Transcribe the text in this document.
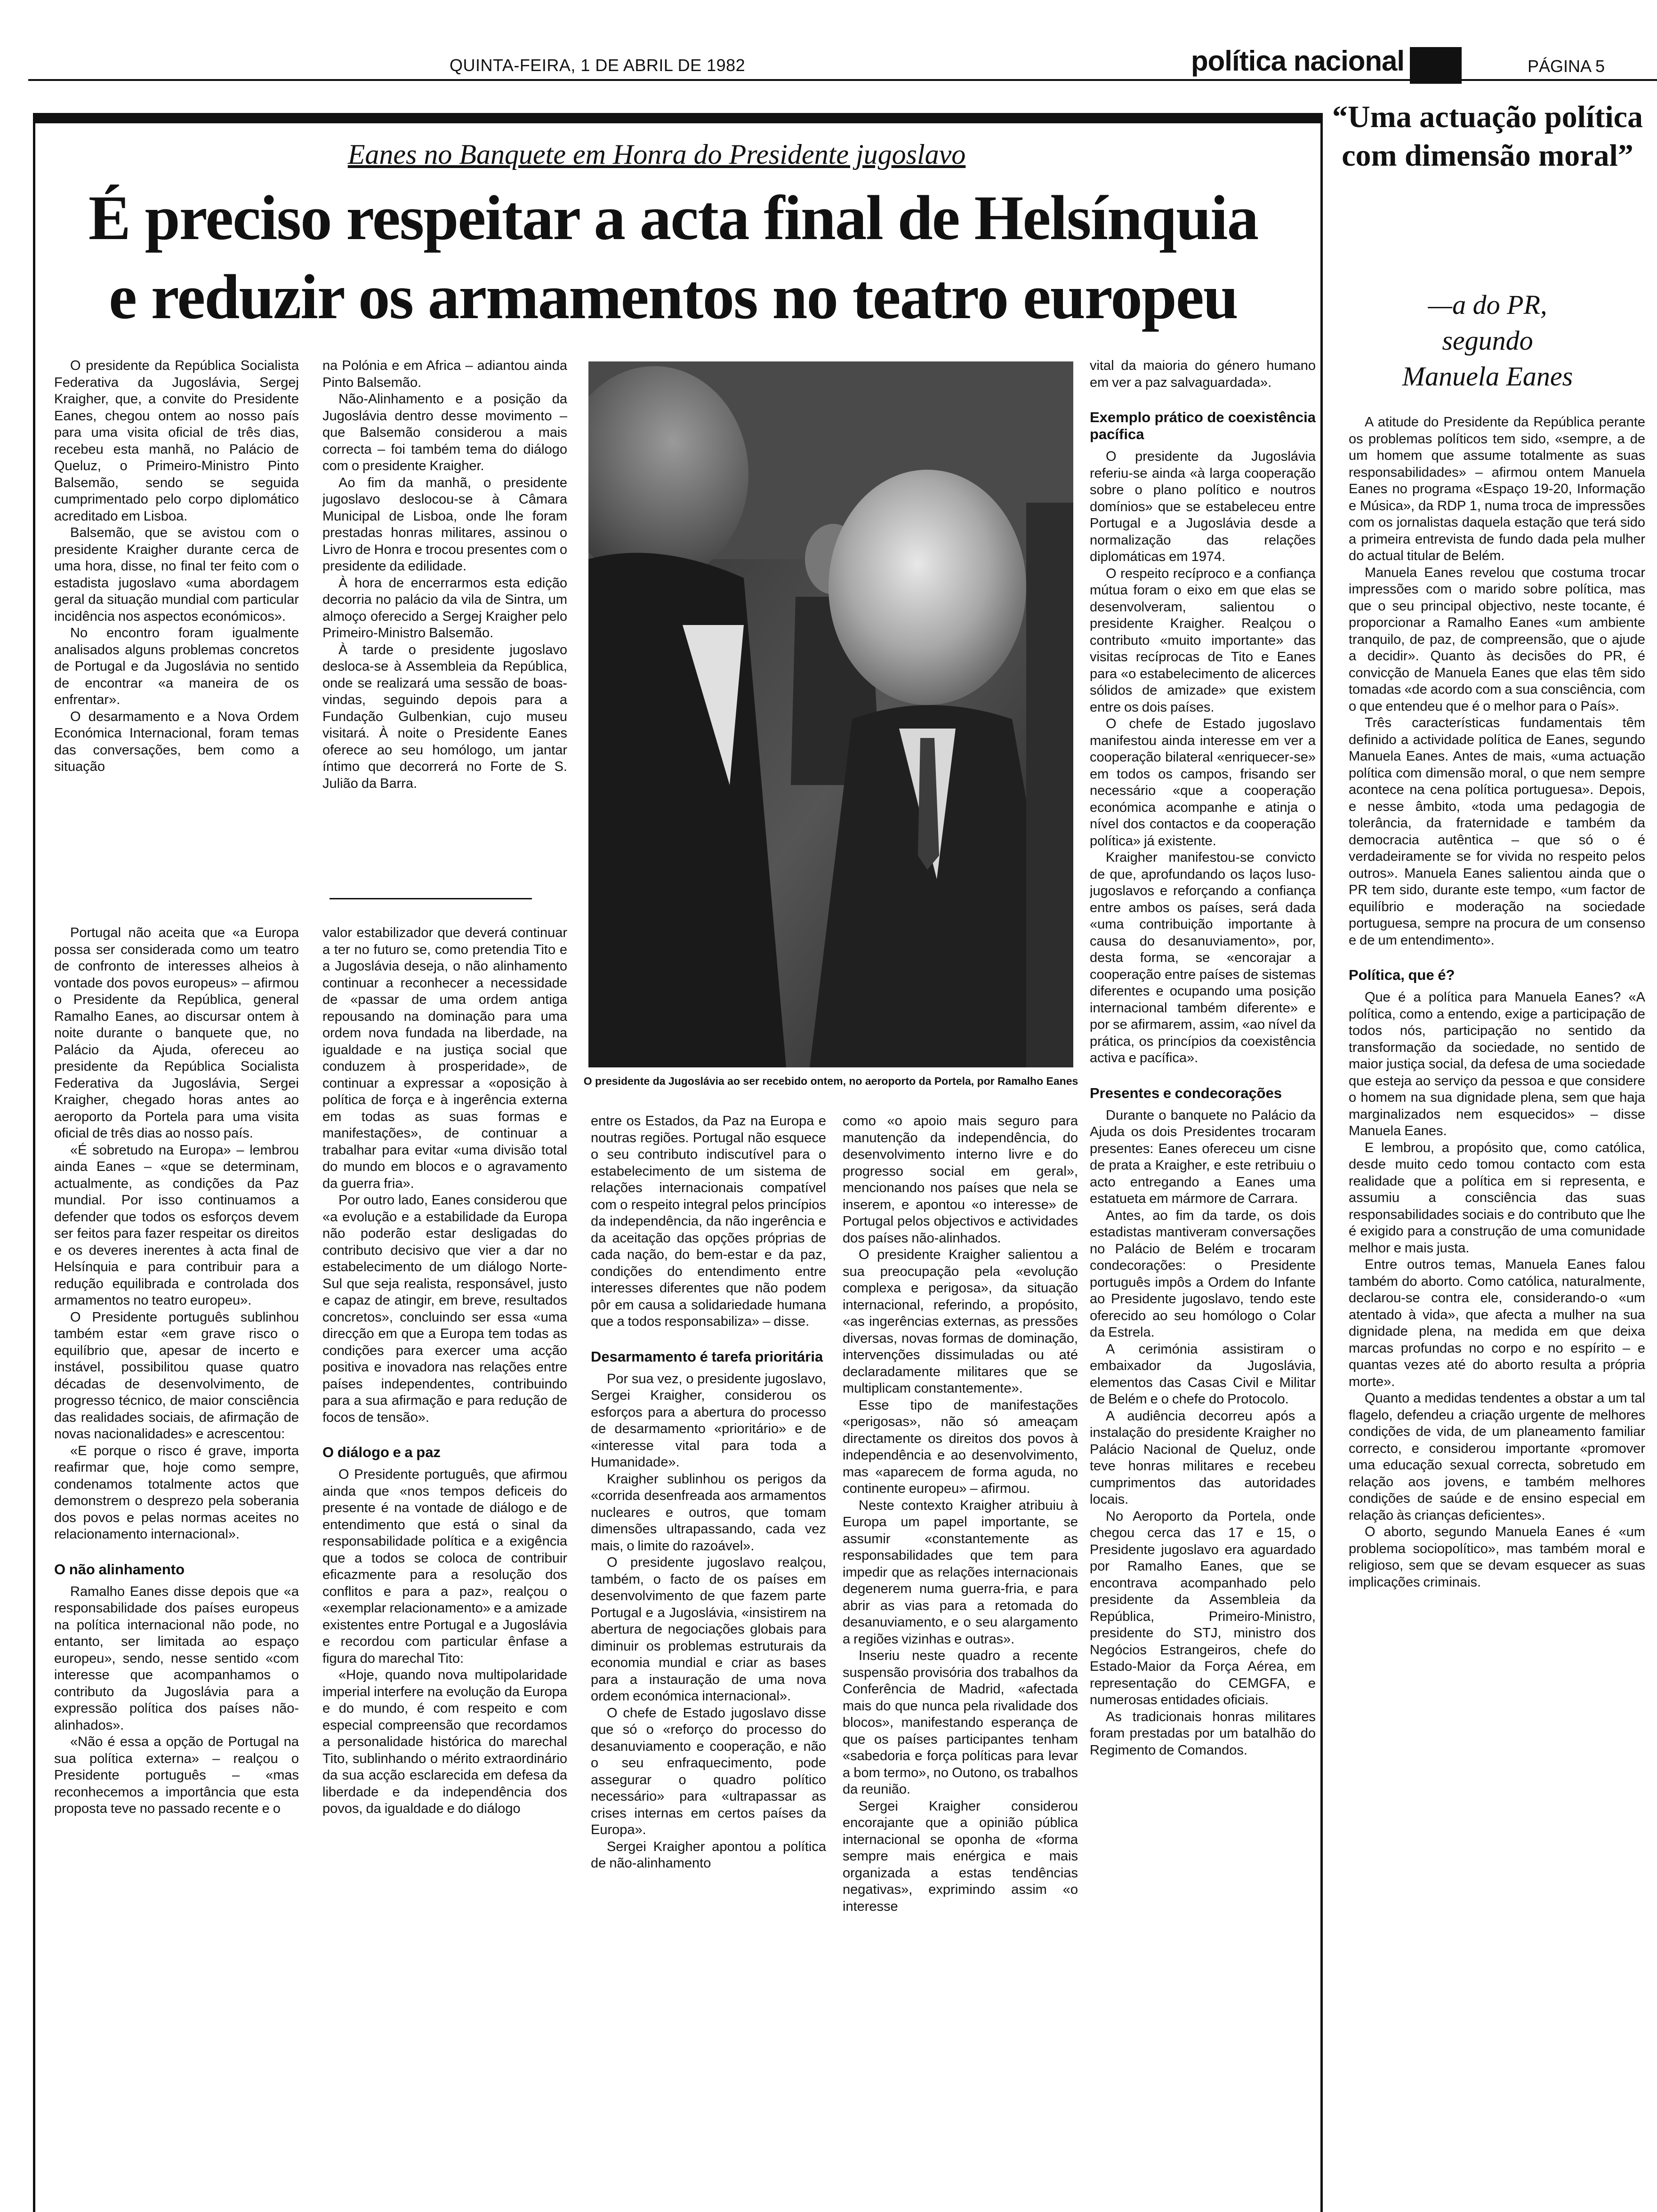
QUINTA-FEIRA, 1 DE ABRIL DE 1982	política nacional	PÁGINA 5
Eanes no Banquete em Honra do Presidente jugoslavo
É preciso respeitar a acta final de Helsínquia
e reduzir os armamentos no teatro europeu

O presidente da República Socialista Federativa da Jugoslávia, Sergej Kraigher, que, a convite do Presidente Eanes, chegou ontem ao nosso país para uma visita oficial de três dias, recebeu esta manhã, no Palácio de Queluz, o Primeiro-Ministro Pinto Balsemão, sendo se seguida cumprimentado pelo corpo diplomático acreditado em Lisboa.

Balsemão, que se avistou com o presidente Kraigher durante cerca de uma hora, disse, no final ter feito com o estadista jugoslavo «uma abordagem geral da situação mundial com particular incidência nos aspectos económicos».

No encontro foram igualmente analisados alguns problemas concretos de Portugal e da Jugoslávia no sentido de encontrar «a maneira de os enfrentar».

O desarmamento e a Nova Ordem Económica Internacional, foram temas das conversações, bem como a situação

na Polónia e em Africa – adiantou ainda Pinto Balsemão.

Não-Alinhamento e a posição da Jugoslávia dentro desse movimento – que Balsemão considerou a mais correcta – foi também tema do diálogo com o presidente Kraigher.

Ao fim da manhã, o presidente jugoslavo deslocou-se à Câmara Municipal de Lisboa, onde lhe foram prestadas honras militares, assinou o Livro de Honra e trocou presentes com o presidente da edilidade.

À hora de encerrarmos esta edição decorria no palácio da vila de Sintra, um almoço oferecido a Sergej Kraigher pelo Primeiro-Ministro Balsemão.

À tarde o presidente jugoslavo desloca-se à Assembleia da República, onde se realizará uma sessão de boas-vindas, seguindo depois para a Fundação Gulbenkian, cujo museu visitará. À noite o Presidente Eanes oferece ao seu homólogo, um jantar íntimo que decorrerá no Forte de S. Julião da Barra.

O presidente da Jugoslávia ao ser recebido ontem, no aeroporto da Portela, por Ramalho Eanes

Portugal não aceita que «a Europa possa ser considerada como um teatro de confronto de interesses alheios à vontade dos povos europeus» – afirmou o Presidente da República, general Ramalho Eanes, ao discursar ontem à noite durante o banquete que, no Palácio da Ajuda, ofereceu ao presidente da República Socialista Federativa da Jugoslávia, Sergei Kraigher, chegado horas antes ao aeroporto da Portela para uma visita oficial de três dias ao nosso país.

«É sobretudo na Europa» – lembrou ainda Eanes – «que se determinam, actualmente, as condições da Paz mundial. Por isso continuamos a defender que todos os esforços devem ser feitos para fazer respeitar os direitos e os deveres inerentes à acta final de Helsínquia e para contribuir para a redução equilibrada e controlada dos armamentos no teatro europeu».

O Presidente português sublinhou também estar «em grave risco o equilíbrio que, apesar de incerto e instável, possibilitou quase quatro décadas de desenvolvimento, de progresso técnico, de maior consciência das realidades sociais, de afirmação de novas nacionalidades» e acrescentou:

«E porque o risco é grave, importa reafirmar que, hoje como sempre, condenamos totalmente actos que demonstrem o desprezo pela soberania dos povos e pelas normas aceites no relacionamento internacional».

O não alinhamento

Ramalho Eanes disse depois que «a responsabilidade dos países europeus na política internacional não pode, no entanto, ser limitada ao espaço europeu», sendo, nesse sentido «com interesse que acompanhamos o contributo da Jugoslávia para a expressão política dos países não-alinhados».

«Não é essa a opção de Portugal na sua política externa» – realçou o Presidente português – «mas reconhecemos a importância que esta proposta teve no passado recente e o

valor estabilizador que deverá continuar a ter no futuro se, como pretendia Tito e a Jugoslávia deseja, o não alinhamento continuar a reconhecer a necessidade de «passar de uma ordem antiga repousando na dominação para uma ordem nova fundada na liberdade, na igualdade e na justiça social que conduzem à prosperidade», de continuar a expressar a «oposição à política de força e à ingerência externa em todas as suas formas e manifestações», de continuar a trabalhar para evitar «uma divisão total do mundo em blocos e o agravamento da guerra fria».

Por outro lado, Eanes considerou que «a evolução e a estabilidade da Europa não poderão estar desligadas do contributo decisivo que vier a dar no estabelecimento de um diálogo Norte-Sul que seja realista, responsável, justo e capaz de atingir, em breve, resultados concretos», concluindo ser essa «uma direcção em que a Europa tem todas as condições para exercer uma acção positiva e inovadora nas relações entre países independentes, contribuindo para a sua afirmação e para redução de focos de tensão».

O diálogo e a paz

O Presidente português, que afirmou ainda que «nos tempos deficeis do presente é na vontade de diálogo e de entendimento que está o sinal da responsabilidade política e a exigência que a todos se coloca de contribuir eficazmente para a resolução dos conflitos e para a paz», realçou o «exemplar relacionamento» e a amizade existentes entre Portugal e a Jugoslávia e recordou com particular ênfase a figura do marechal Tito:

«Hoje, quando nova multipolaridade imperial interfere na evolução da Europa e do mundo, é com respeito e com especial compreensão que recordamos a personalidade histórica do marechal Tito, sublinhando o mérito extraordinário da sua acção esclarecida em defesa da liberdade e da independência dos povos, da igualdade e do diálogo

entre os Estados, da Paz na Europa e noutras regiões. Portugal não esquece o seu contributo indiscutível para o estabelecimento de um sistema de relações internacionais compatível com o respeito integral pelos princípios da independência, da não ingerência e da aceitação das opções próprias de cada nação, do bem-estar e da paz, condições do entendimento entre interesses diferentes que não podem pôr em causa a solidariedade humana que a todos responsabiliza» – disse.

Desarmamento é tarefa prioritária

Por sua vez, o presidente jugoslavo, Sergei Kraigher, considerou os esforços para a abertura do processo de desarmamento «prioritário» e de «interesse vital para toda a Humanidade».

Kraigher sublinhou os perigos da «corrida desenfreada aos armamentos nucleares e outros, que tomam dimensões ultrapassando, cada vez mais, o limite do razoável».

O presidente jugoslavo realçou, também, o facto de os países em desenvolvimento de que fazem parte Portugal e a Jugoslávia, «insistirem na abertura de negociações globais para diminuir os problemas estruturais da economia mundial e criar as bases para a instauração de uma nova ordem económica internacional».

O chefe de Estado jugoslavo disse que só o «reforço do processo do desanuviamento e cooperação, e não o seu enfraquecimento, pode assegurar o quadro político necessário» para «ultrapassar as crises internas em certos países da Europa».

Sergei Kraigher apontou a política de não-alinhamento

como «o apoio mais seguro para manutenção da independência, do desenvolvimento interno livre e do progresso social em geral», mencionando nos países que nela se inserem, e apontou «o interesse» de Portugal pelos objectivos e actividades dos países não-alinhados.

O presidente Kraigher salientou a sua preocupação pela «evolução complexa e perigosa», da situação internacional, referindo, a propósito, «as ingerências externas, as pressões diversas, novas formas de dominação, intervenções dissimuladas ou até declaradamente militares que se multiplicam constantemente».

Esse tipo de manifestações «perigosas», não só ameaçam directamente os direitos dos povos à independência e ao desenvolvimento, mas «aparecem de forma aguda, no continente europeu» – afirmou.

Neste contexto Kraigher atribuiu à Europa um papel importante, se assumir «constantemente as responsabilidades que tem para impedir que as relações internacionais degenerem numa guerra-fria, e para abrir as vias para a retomada do desanuviamento, e o seu alargamento a regiões vizinhas e outras».

Inseriu neste quadro a recente suspensão provisória dos trabalhos da Conferência de Madrid, «afectada mais do que nunca pela rivalidade dos blocos», manifestando esperança de que os países participantes tenham «sabedoria e força políticas para levar a bom termo», no Outono, os trabalhos da reunião.

Sergei Kraigher considerou encorajante que a opinião pública internacional se oponha de «forma sempre mais enérgica e mais organizada a estas tendências negativas», exprimindo assim «o interesse

vital da maioria do género humano em ver a paz salvaguardada».

Exemplo prático de coexistência pacífica

O presidente da Jugoslávia referiu-se ainda «à larga cooperação sobre o plano político e noutros domínios» que se estabeleceu entre Portugal e a Jugoslávia desde a normalização das relações diplomáticas em 1974.

O respeito recíproco e a confiança mútua foram o eixo em que elas se desenvolveram, salientou o presidente Kraigher. Realçou o contributo «muito importante» das visitas recíprocas de Tito e Eanes para «o estabelecimento de alicerces sólidos de amizade» que existem entre os dois países.

O chefe de Estado jugoslavo manifestou ainda interesse em ver a cooperação bilateral «enriquecer-se» em todos os campos, frisando ser necessário «que a cooperação económica acompanhe e atinja o nível dos contactos e da cooperação política» já existente.

Kraigher manifestou-se convicto de que, aprofundando os laços luso-jugoslavos e reforçando a confiança entre ambos os países, será dada «uma contribuição importante à causa do desanuviamento», por, desta forma, se «encorajar a cooperação entre países de sistemas diferentes e ocupando uma posição internacional também diferente» e por se afirmarem, assim, «ao nível da prática, os princípios da coexistência activa e pacífica».

Presentes e condecorações

Durante o banquete no Palácio da Ajuda os dois Presidentes trocaram presentes: Eanes ofereceu um cisne de prata a Kraigher, e este retribuiu o acto entregando a Eanes uma estatueta em mármore de Carrara.

Antes, ao fim da tarde, os dois estadistas mantiveram conversações no Palácio de Belém e trocaram condecorações: o Presidente português impôs a Ordem do Infante ao Presidente jugoslavo, tendo este oferecido ao seu homólogo o Colar da Estrela.

A cerimónia assistiram o embaixador da Jugoslávia, elementos das Casas Civil e Militar de Belém e o chefe do Protocolo.

A audiência decorreu após a instalação do presidente Kraigher no Palácio Nacional de Queluz, onde teve honras militares e recebeu cumprimentos das autoridades locais.

No Aeroporto da Portela, onde chegou cerca das 17 e 15, o Presidente jugoslavo era aguardado por Ramalho Eanes, que se encontrava acompanhado pelo presidente da Assembleia da República, Primeiro-Ministro, presidente do STJ, ministro dos Negócios Estrangeiros, chefe do Estado-Maior da Força Aérea, em representação do CEMGFA, e numerosas entidades oficiais.

As tradicionais honras militares foram prestadas por um batalhão do Regimento de Comandos.

“Uma actuação política com dimensão moral”
—a do PR,
segundo
Manuela Eanes

A atitude do Presidente da República perante os problemas políticos tem sido, «sempre, a de um homem que assume totalmente as suas responsabilidades» – afirmou ontem Manuela Eanes no programa «Espaço 19-20, Informação e Música», da RDP 1, numa troca de impressões com os jornalistas daquela estação que terá sido a primeira entrevista de fundo dada pela mulher do actual titular de Belém.

Manuela Eanes revelou que costuma trocar impressões com o marido sobre política, mas que o seu principal objectivo, neste tocante, é proporcionar a Ramalho Eanes «um ambiente tranquilo, de paz, de compreensão, que o ajude a decidir». Quanto às decisões do PR, é convicção de Manuela Eanes que elas têm sido tomadas «de acordo com a sua consciência, com o que entendeu que é o melhor para o País».

Três características fundamentais têm definido a actividade política de Eanes, segundo Manuela Eanes. Antes de mais, «uma actuação política com dimensão moral, o que nem sempre acontece na cena política portuguesa». Depois, e nesse âmbito, «toda uma pedagogia de tolerância, da fraternidade e também da democracia autêntica – que só o é verdadeiramente se for vivida no respeito pelos outros». Manuela Eanes salientou ainda que o PR tem sido, durante este tempo, «um factor de equilíbrio e moderação na sociedade portuguesa, sempre na procura de um consenso e de um entendimento».

Política, que é?

Que é a política para Manuela Eanes? «A política, como a entendo, exige a participação de todos nós, participação no sentido da transformação da sociedade, no sentido de maior justiça social, da defesa de uma sociedade que esteja ao serviço da pessoa e que considere o homem na sua dignidade plena, sem que haja marginalizados nem esquecidos» – disse Manuela Eanes.

E lembrou, a propósito que, como católica, desde muito cedo tomou contacto com esta realidade que a política em si representa, e assumiu a consciência das suas responsabilidades sociais e do contributo que lhe é exigido para a construção de uma comunidade melhor e mais justa.

Entre outros temas, Manuela Eanes falou também do aborto. Como católica, naturalmente, declarou-se contra ele, considerando-o «um atentado à vida», que afecta a mulher na sua dignidade plena, na medida em que deixa marcas profundas no corpo e no espírito – e quantas vezes até do aborto resulta a própria morte».

Quanto a medidas tendentes a obstar a um tal flagelo, defendeu a criação urgente de melhores condições de vida, de um planeamento familiar correcto, e considerou importante «promover uma educação sexual correcta, sobretudo em relação aos jovens, e também melhores condições de saúde e de ensino especial em relação às crianças deficientes».

O aborto, segundo Manuela Eanes é «um problema sociopolítico», mas também moral e religioso, sem que se devam esquecer as suas implicações criminais.
